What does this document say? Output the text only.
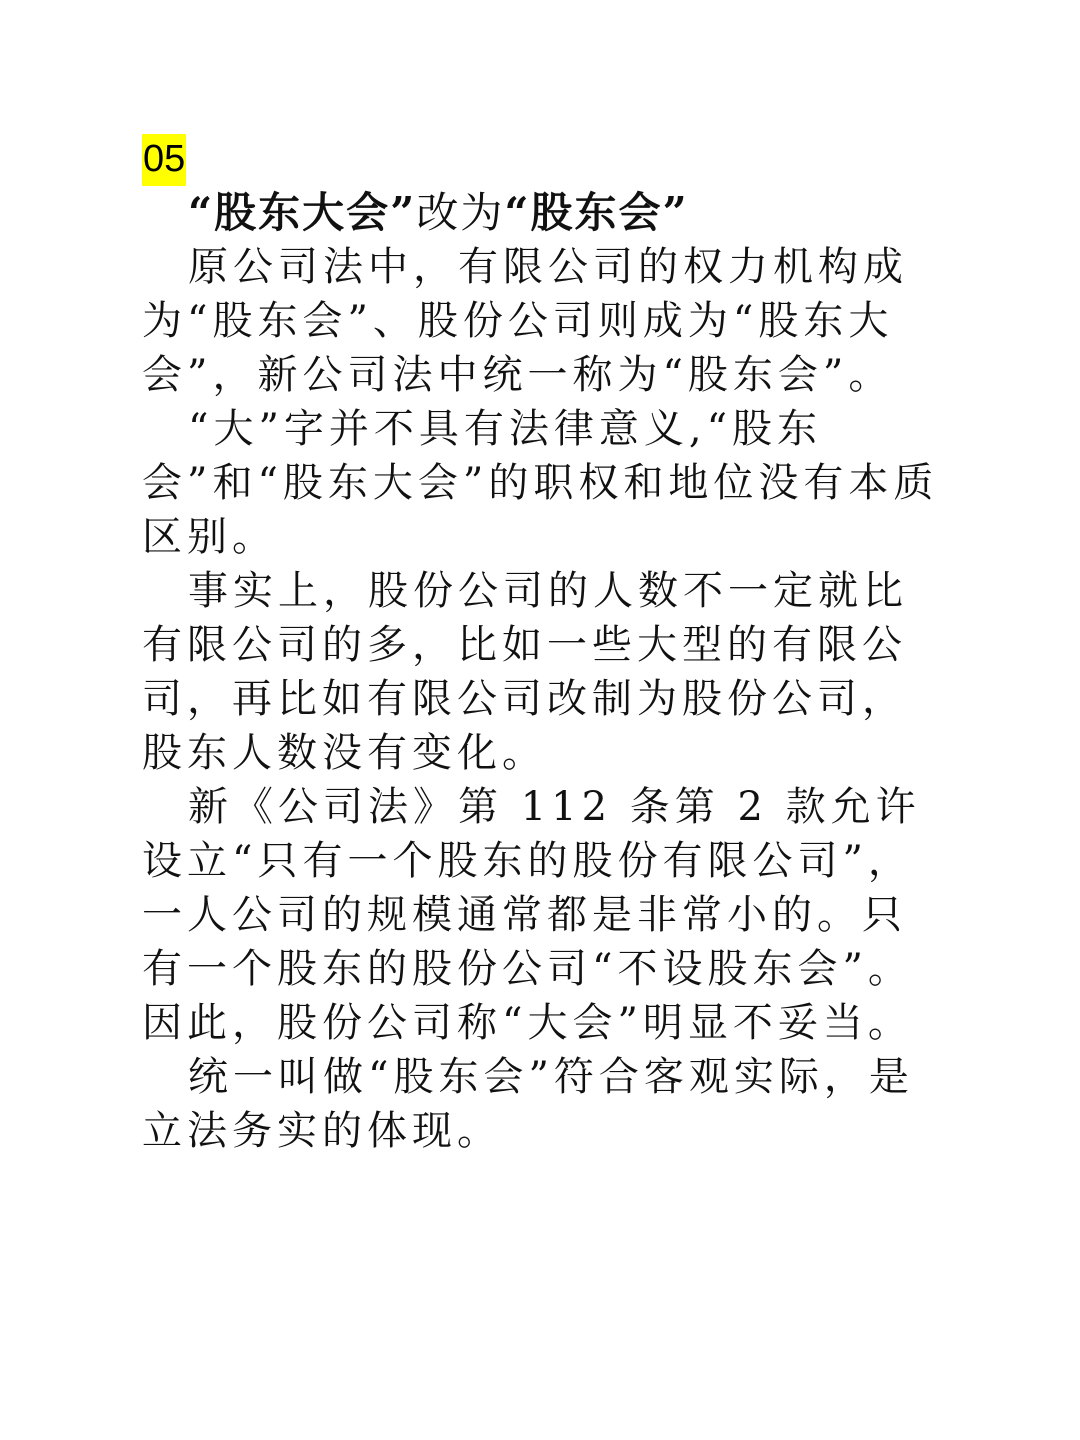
05
“股东大会”改为“股东会”

原公司法中，有限公司的权力机构成为“股东会”、股份公司则成为“股东大会”，新公司法中统一称为“股东会”。

“大”字并不具有法律意义,“股东会”和“股东大会”的职权和地位没有本质区别。

事实上，股份公司的人数不一定就比有限公司的多，比如一些大型的有限公司，再比如有限公司改制为股份公司，股东人数没有变化。

新《公司法》第 112 条第 2 款允许设立“只有一个股东的股份有限公司”，一人公司的规模通常都是非常小的。只有一个股东的股份公司“不设股东会”。因此，股份公司称“大会”明显不妥当。

统一叫做“股东会”符合客观实际，是立法务实的体现。
